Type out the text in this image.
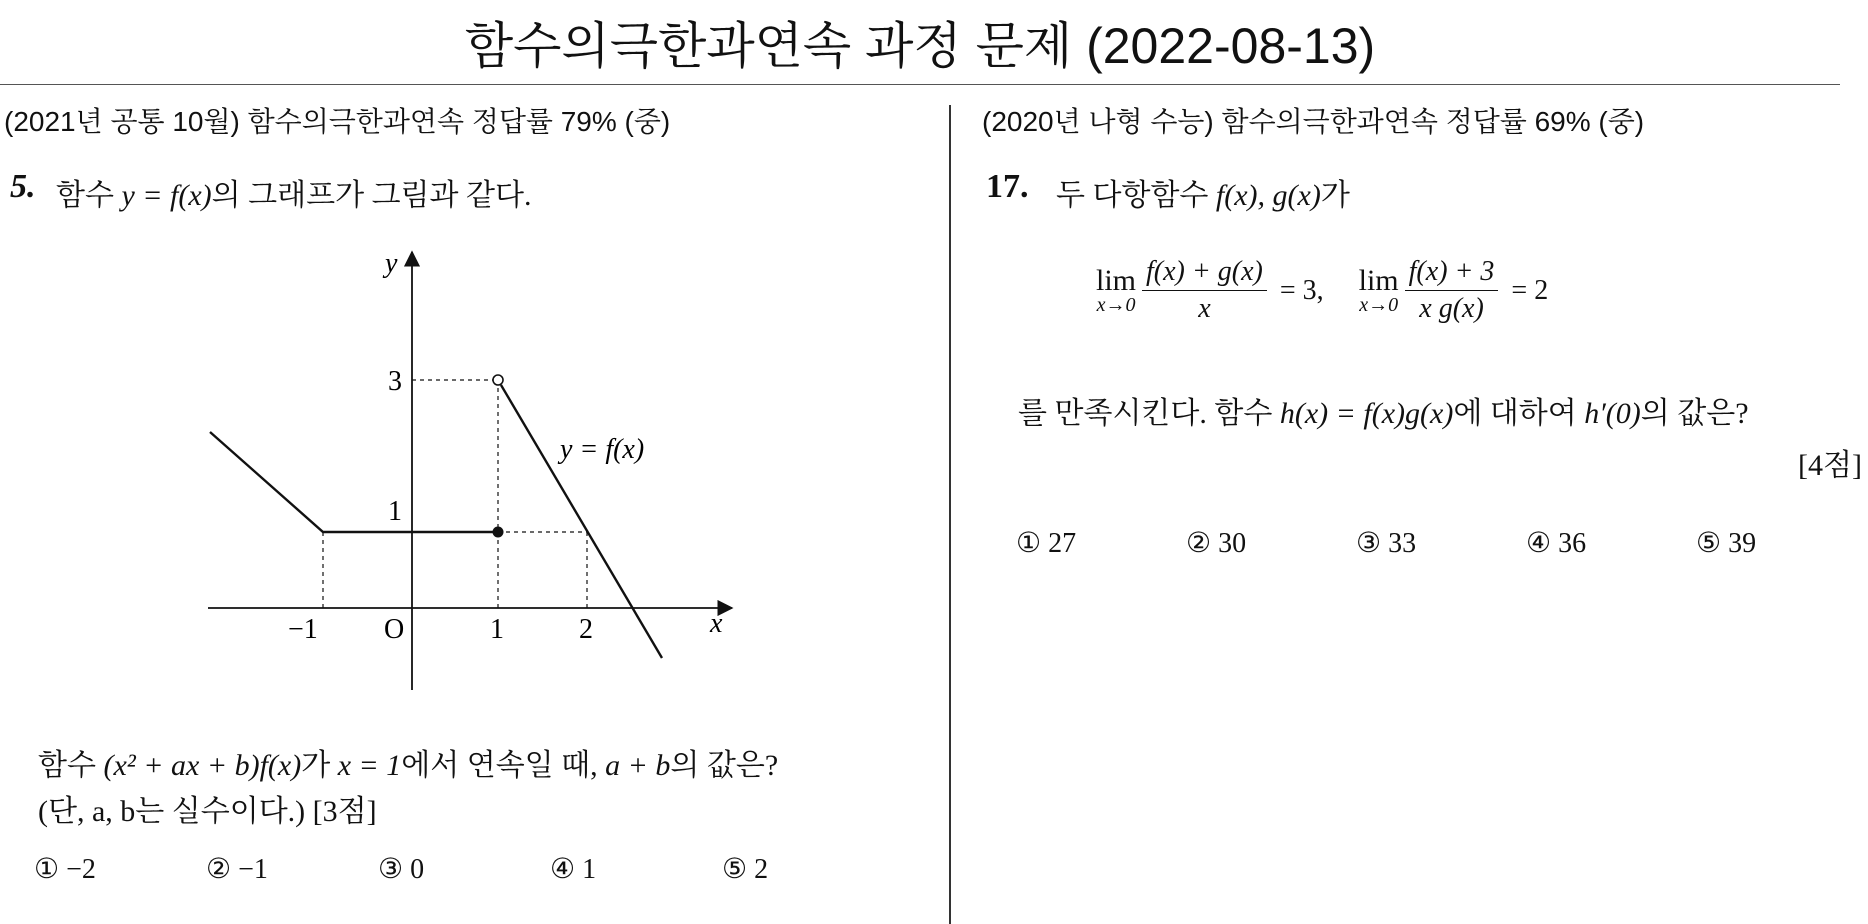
함수의극한과연속 과정 문제 (2022-08-13)
(2021년 공통 10월) 함수의극한과연속 정답률 79% (중)
5. 함수 y = f(x)의 그래프가 그림과 같다.
y
x
y = f(x)
3
1
−1 O	1	2
함수 (x² + ax + b)f(x)가 x = 1에서 연속일 때, a + b의 값은?
(단, a, b는 실수이다.) [3점]
① −2	② −1	③ 0	④ 1	⑤ 2
(2020년 나형 수능) 함수의극한과연속 정답률 69% (중)
17. 두 다항함수 f(x), g(x)가
lim
$x\to 0 \frac{f(x) + g(x)}{x} = 3$, lim
$x\to 0 \frac{f(x) + 3}{\text{x g(x)}} = 2$
를 만족시킨다. 함수 h(x) = f(x)g(x)에 대하여 h′(0)의 값은?
[4점]
① 27	② 30	③ 33	④ 36	⑤ 39
